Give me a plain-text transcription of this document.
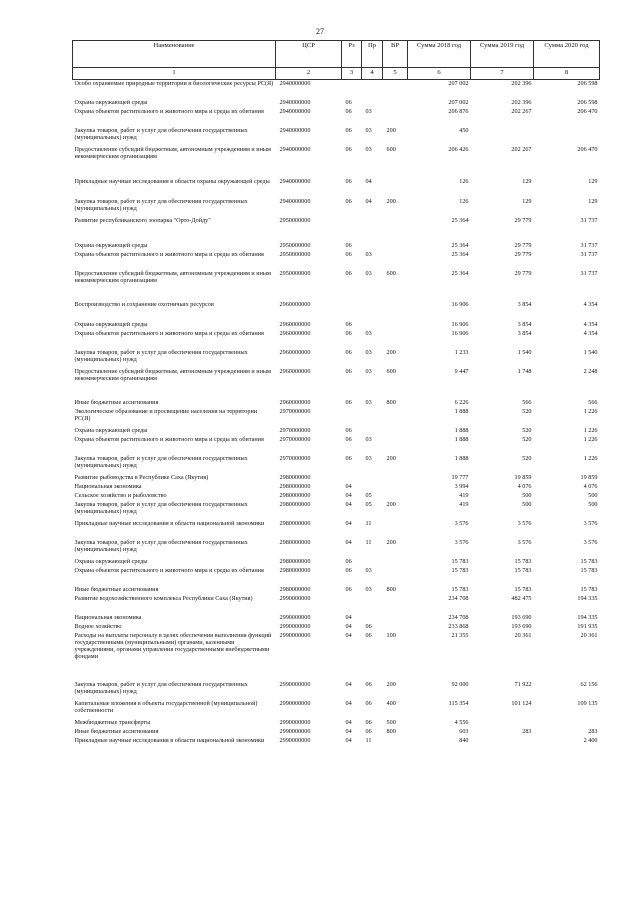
27
Наименование	ЦСР	Рз	Пр	ВР	Сумма 2018 год	Сумма 2019 год	Сумма 2020 год
1	2	3	4	5	6	7	8
Особо охраняемые природные территории и биологические ресурсы РС(Я)	2940000000				207 002	202 396	206 598
Охрана окружающей среды	2940000000	06			207 002	202 396	206 598
Охрана объектов растительного и животного мира и среды их обитания	2940000000	06	03		206 876	202 267	206 470
Закупка товаров, работ и услуг для обеспечения государственных (муниципальных) нужд	2940000000	06	03	200	450		
Предоставление субсидий бюджетным, автономным учреждениям и иным некоммерческим организациям	2940000000	06	03	600	206 426	202 267	206 470
Прикладные научные исследования в области охраны окружающей среды	2940000000	06	04		126	129	129
Закупка товаров, работ и услуг для обеспечения государственных (муниципальных) нужд	2940000000	06	04	200	126	129	129
Развитие республиканского зоопарка "Орто-Дойду"	2950000000				25 364	29 779	31 737
Охрана окружающей среды	2950000000	06			25 364	29 779	31 737
Охрана объектов растительного и животного мира и среды их обитания	2950000000	06	03		25 364	29 779	31 737
Предоставление субсидий бюджетным, автономным учреждениям и иным некоммерческим организациям	2950000000	06	03	600	25 364	29 779	31 737
Воспроизводство и сохранение охотничьих ресурсов	2960000000				16 906	3 854	4 354
Охрана окружающей среды	2960000000	06			16 906	3 854	4 354
Охрана объектов растительного и животного мира и среды их обитания	2960000000	06	03		16 906	3 854	4 354
Закупка товаров, работ и услуг для обеспечения государственных (муниципальных) нужд	2960000000	06	03	200	1 233	1 540	1 540
Предоставление субсидий бюджетным, автономным учреждениям и иным некоммерческим организациям	2960000000	06	03	600	9 447	1 748	2 248
Иные бюджетные ассигнования	2960000000	06	03	800	6 226	566	566
Экологическое образование и просвещение населения на территории РС(Я)	2970000000				1 888	520	1 226
Охрана окружающей среды	2970000000	06			1 888	520	1 226
Охрана объектов растительного и животного мира и среды их обитания	2970000000	06	03		1 888	520	1 226
Закупка товаров, работ и услуг для обеспечения государственных (муниципальных) нужд	2970000000	06	03	200	1 888	520	1 226
Развитие рыбоводства в Республике Саха (Якутия)	2980000000				19 777	19 859	19 859
Национальная экономика	2980000000	04			3 994	4 076	4 076
Сельское хозяйство и рыболовство	2980000000	04	05		419	500	500
Закупка товаров, работ и услуг для обеспечения государственных (муниципальных) нужд	2980000000	04	05	200	419	500	500
Прикладные научные исследования в области национальной экономики	2980000000	04	11		3 576	3 576	3 576
Закупка товаров, работ и услуг для обеспечения государственных (муниципальных) нужд	2980000000	04	11	200	3 576	3 576	3 576
Охрана окружающей среды	2980000000	06			15 783	15 783	15 783
Охрана объектов растительного и животного мира и среды их обитания	2980000000	06	03		15 783	15 783	15 783
Иные бюджетные ассигнования	2980000000	06	03	800	15 783	15 783	15 783
Развитие водохозяйственного комплекса Республики Саха (Якутия)	2990000000				234 708	482 475	194 335
Национальная экономика	2990000000	04			234 708	193 690	194 335
Водное хозяйство	2990000000	04	06		233 868	193 690	191 935
Расходы на выплаты персоналу в целях обеспечения выполнения функций государственными (муниципальными) органами, казенными учреждениями, органами управления государственными внебюджетными фондами	2990000000	04	06	100	21 355	20 361	20 361
Закупка товаров, работ и услуг для обеспечения государственных (муниципальных) нужд	2990000000	04	06	200	92 000	71 922	62 156
Капитальные вложения в объекты государственной (муниципальной) собственности	2990000000	04	06	400	115 354	101 124	109 135
Межбюджетные трансферты	2990000000	04	06	500	4 556		
Иные бюджетные ассигнования	2990000000	04	06	800	603	283	283
Прикладные научные исследования в области национальной экономики	2990000000	04	11		840		2 400
